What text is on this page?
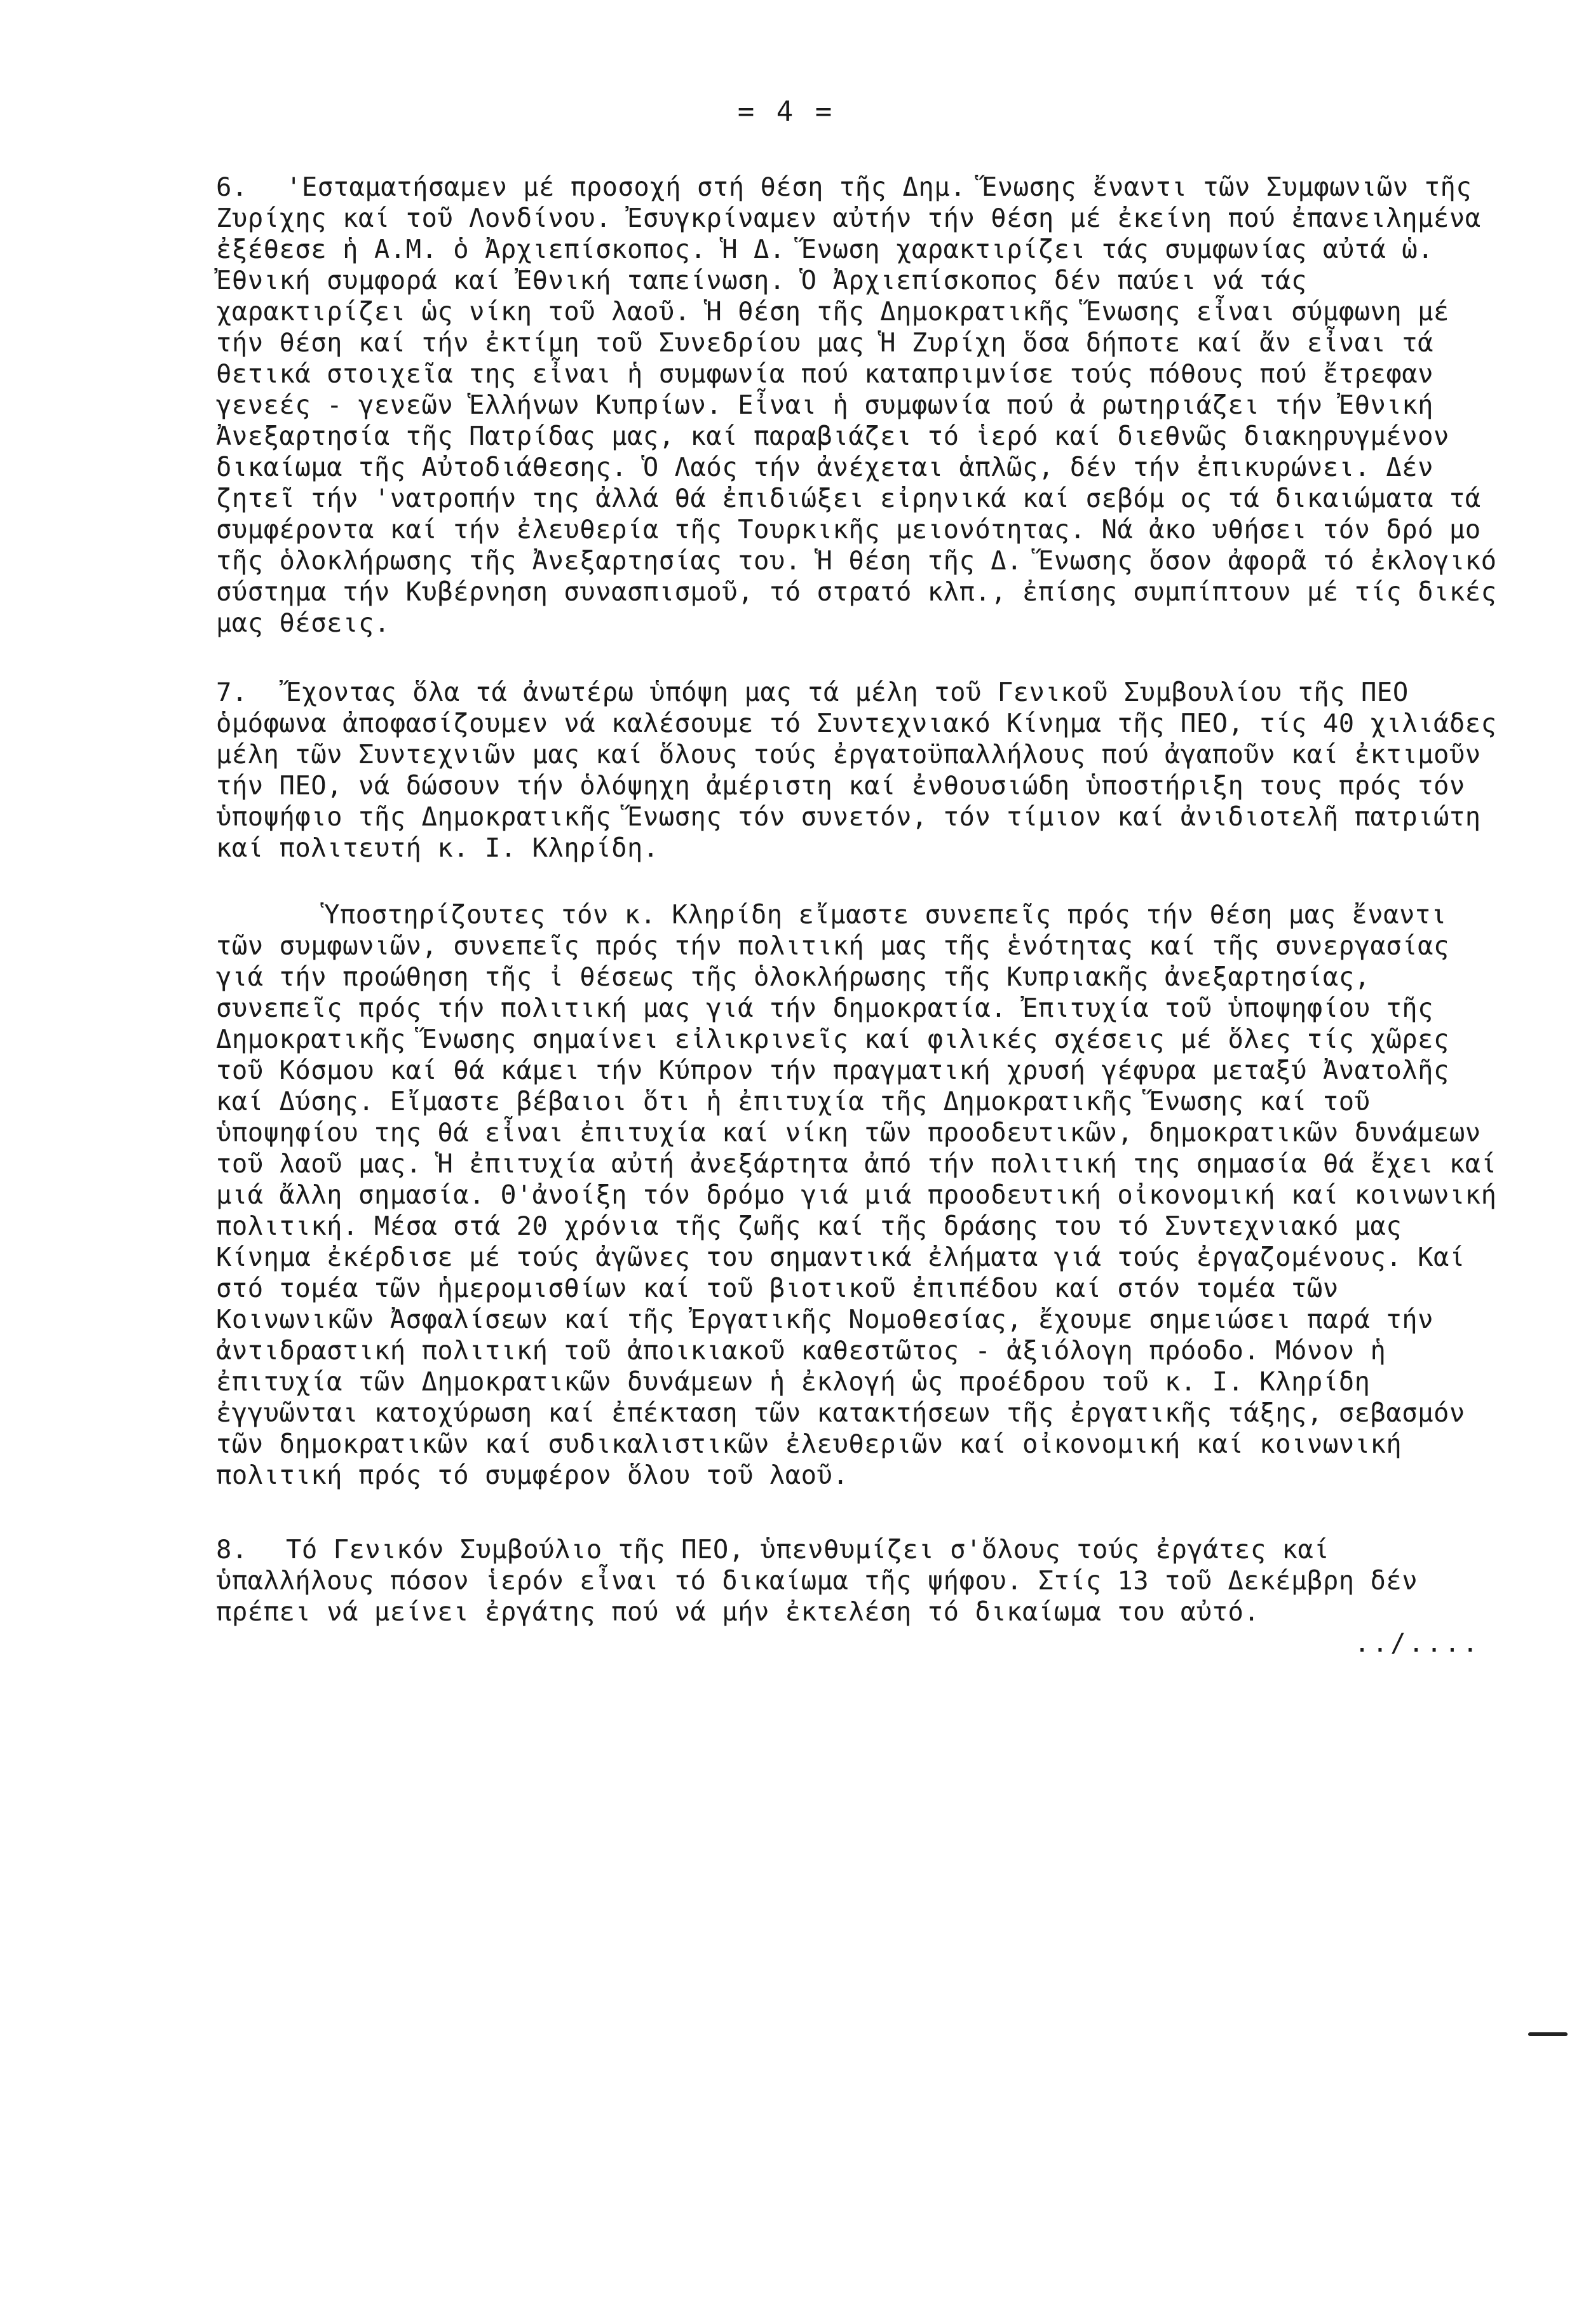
= 4 =

6. 'Εσταματήσαμεν μέ προσοχή στή θέση τῆς Δημ. Ἕνωσης ἔναντι τῶν Συμφωνιῶν τῆς Ζυρίχης καί τοῦ Λονδίνου. Ἐσυγκρίναμεν αὐτήν τήν θέση μέ ἐκείνη πού ἐπανειλημένα ἐξέθεσε ἡ Α.Μ. ὁ Ἀρχιεπίσκοπος. Ἡ Δ. Ἕνωση χαρακτιρίζει τάς συμφωνίας αὐτά ὡ. Ἐθνική συμφορά καί Ἐθνική ταπείνωση. Ὁ Ἀρχιεπίσκοπος δέν παύει νά τάς χαρακτιρίζει ὡς νίκη τοῦ λαοῦ. Ἡ θέση τῆς Δημοκρατικῆς Ἕνωσης εἶναι σύμφωνη μέ τήν θέση καί τήν ἐκτίμη τοῦ Συνεδρίου μας Ἡ Ζυρίχη ὅσα δήποτε καί ἄν εἶναι τά θετικά στοιχεῖα της εἶναι ἡ συμφωνία πού καταπριμνίσε τούς πόθους πού ἔτρεφαν γενεές - γενεῶν Ἑλλήνων Κυπρίων. Εἶναι ἡ συμφωνία πού ἀ ρωτηριάζει τήν Ἐθνική Ἀνεξαρτησία τῆς Πατρίδας μας, καί παραβιάζει τό ἱερό καί διεθνῶς διακηρυγμένον δικαίωμα τῆς Αὐτοδιάθεσης. Ὁ Λαός τήν ἀνέχεται ἁπλῶς, δέν τήν ἐπικυρώνει. Δέν ζητεῖ τήν 'νατροπήν της ἀλλά θά ἐπιδιώξει εἰρηνικά καί σεβόμ ος τά δικαιώματα τά συμφέροντα καί τήν ἐλευθερία τῆς Τουρκικῆς μειονότητας. Νά ἀκο υθήσει τόν δρό μο τῆς ὁλοκλήρωσης τῆς Ἀνεξαρτησίας του. Ἡ θέση τῆς Δ. Ἕνωσης ὅσον ἀφορᾶ τό ἐκλογικό σύστημα τήν Κυβέρνηση συνασπισμοῦ, τό στρατό κλπ., ἐπίσης συμπίπτουν μέ τίς δικές μας θέσεις.

7. Ἔχοντας ὅλα τά ἀνωτέρω ὑπόψη μας τά μέλη τοῦ Γενικοῦ Συμβουλίου τῆς ΠΕΟ ὁμόφωνα ἀποφασίζουμεν νά καλέσουμε τό Συντεχνιακό Κίνημα τῆς ΠΕΟ, τίς 40 χιλιάδες μέλη τῶν Συντεχνιῶν μας καί ὅλους τούς ἐργατοϋπαλλήλους πού ἀγαποῦν καί ἐκτιμοῦν τήν ΠΕΟ, νά δώσουν τήν ὁλόψηχη ἀμέριστη καί ἐνθουσιώδη ὑποστήριξη τους πρός τόν ὑποψήφιο τῆς Δημοκρατικῆς Ἕνωσης τόν συνετόν, τόν τίμιον καί ἀνιδιοτελῆ πατριώτη καί πολιτευτή κ. Ι. Κληρίδη.

Ὑποστηρίζουτες τόν κ. Κληρίδη εἴμαστε συνεπεῖς πρός τήν θέση μας ἔναντι τῶν συμφωνιῶν, συνεπεῖς πρός τήν πολιτική μας τῆς ἑνότητας καί τῆς συνεργασίας γιά τήν προώθηση τῆς ἰ θέσεως τῆς ὁλοκλήρωσης τῆς Κυπριακῆς ἀνεξαρτησίας, συνεπεῖς πρός τήν πολιτική μας γιά τήν δημοκρατία. Ἐπιτυχία τοῦ ὑποψηφίου τῆς Δημοκρατικῆς Ἕνωσης σημαίνει εἰλικρινεῖς καί φιλικές σχέσεις μέ ὅλες τίς χῶρες τοῦ Κόσμου καί θά κάμει τήν Κύπρον τήν πραγματική χρυσή γέφυρα μεταξύ Ἀνατολῆς καί Δύσης. Εἴμαστε βέβαιοι ὅτι ἡ ἐπιτυχία τῆς Δημοκρατικῆς Ἕνωσης καί τοῦ ὑποψηφίου της θά εἶναι ἐπιτυχία καί νίκη τῶν προοδευτικῶν, δημοκρατικῶν δυνάμεων τοῦ λαοῦ μας. Ἡ ἐπιτυχία αὐτή ἀνεξάρτητα ἀπό τήν πολιτική της σημασία θά ἔχει καί μιά ἄλλη σημασία. Θ'ἀνοίξη τόν δρόμο γιά μιά προοδευτική οἰκονομική καί κοινωνική πολιτική. Μέσα στά 20 χρόνια τῆς ζωῆς καί τῆς δράσης του τό Συντεχνιακό μας Κίνημα ἐκέρδισε μέ τούς ἀγῶνες του σημαντικά ἐλήματα γιά τούς ἐργαζομένους. Καί στό τομέα τῶν ἡμερομισθίων καί τοῦ βιοτικοῦ ἐπιπέδου καί στόν τομέα τῶν Κοινωνικῶν Ἀσφαλίσεων καί τῆς Ἐργατικῆς Νομοθεσίας, ἔχουμε σημειώσει παρά τήν ἀντιδραστική πολιτική τοῦ ἀποικιακοῦ καθεστῶτος - ἀξιόλογη πρόοδο. Μόνον ἡ ἐπιτυχία τῶν Δημοκρατικῶν δυνάμεων ἡ ἐκλογή ὡς προέδρου τοῦ κ. Ι. Κληρίδη ἐγγυῶνται κατοχύρωση καί ἐπέκταση τῶν κατακτήσεων τῆς ἐργατικῆς τάξης, σεβασμόν τῶν δημοκρατικῶν καί συδικαλιστικῶν ἐλευθεριῶν καί οἰκονομική καί κοινωνική πολιτική πρός τό συμφέρον ὅλου τοῦ λαοῦ.

8. Τό Γενικόν Συμβούλιο τῆς ΠΕΟ, ὑπενθυμίζει σ'ὅλους τούς ἐργάτες καί ὑπαλλήλους πόσον ἱερόν εἶναι τό δικαίωμα τῆς ψήφου. Στίς 13 τοῦ Δεκέμβρη δέν πρέπει νά μείνει ἐργάτης πού νά μήν ἐκτελέση τό δικαίωμα του αὐτό.

../....
